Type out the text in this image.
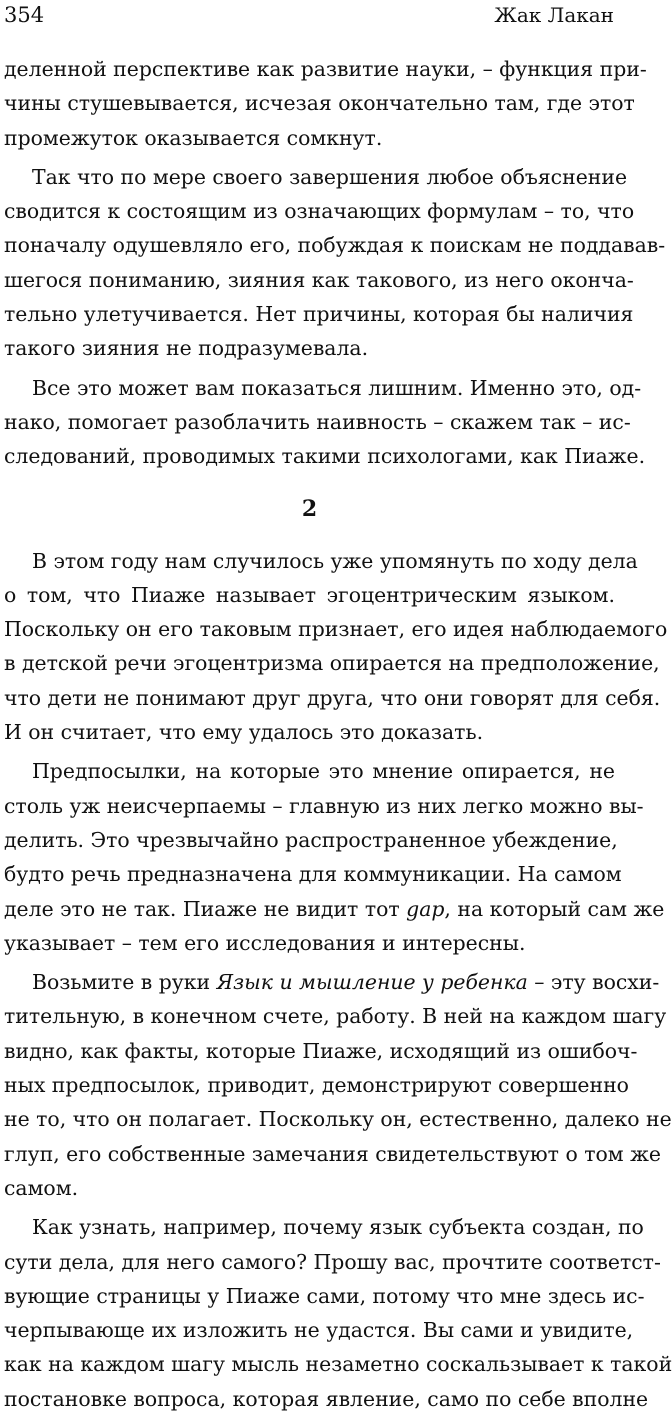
354	Жак Лакан
деленной перспективе как развитие науки, – функция при-
чины стушевывается, исчезая окончательно там, где этот
промежуток оказывается сомкнут.
Так что по мере своего завершения любое объяснение
сводится к состоящим из означающих формулам – то, что
поначалу одушевляло его, побуждая к поискам не поддавав-
шегося пониманию, зияния как такового, из него оконча-
тельно улетучивается. Нет причины, которая бы наличия
такого зияния не подразумевала.
Все это может вам показаться лишним. Именно это, од-
нако, помогает разоблачить наивность – скажем так – ис-
следований, проводимых такими психологами, как Пиаже.
2
В этом году нам случилось уже упомянуть по ходу дела
о том, что Пиаже называет эгоцентрическим языком.
Поскольку он его таковым признает, его идея наблюдаемого
в детской речи эгоцентризма опирается на предположение,
что дети не понимают друг друга, что они говорят для себя.
И он считает, что ему удалось это доказать.
Предпосылки, на которые это мнение опирается, не
столь уж неисчерпаемы – главную из них легко можно вы-
делить. Это чрезвычайно распространенное убеждение,
будто речь предназначена для коммуникации. На самом
деле это не так. Пиаже не видит тот gap, на который сам же
указывает – тем его исследования и интересны.
Возьмите в руки Язык и мышление у ребенка – эту восхи-
тительную, в конечном счете, работу. В ней на каждом шагу
видно, как факты, которые Пиаже, исходящий из ошибоч-
ных предпосылок, приводит, демонстрируют совершенно
не то, что он полагает. Поскольку он, естественно, далеко не
глуп, его собственные замечания свидетельствуют о том же
самом.
Как узнать, например, почему язык субъекта создан, по
сути дела, для него самого? Прошу вас, прочтите соответст-
вующие страницы у Пиаже сами, потому что мне здесь ис-
черпывающе их изложить не удастся. Вы сами и увидите,
как на каждом шагу мысль незаметно соскальзывает к такой
постановке вопроса, которая явление, само по себе вполне
